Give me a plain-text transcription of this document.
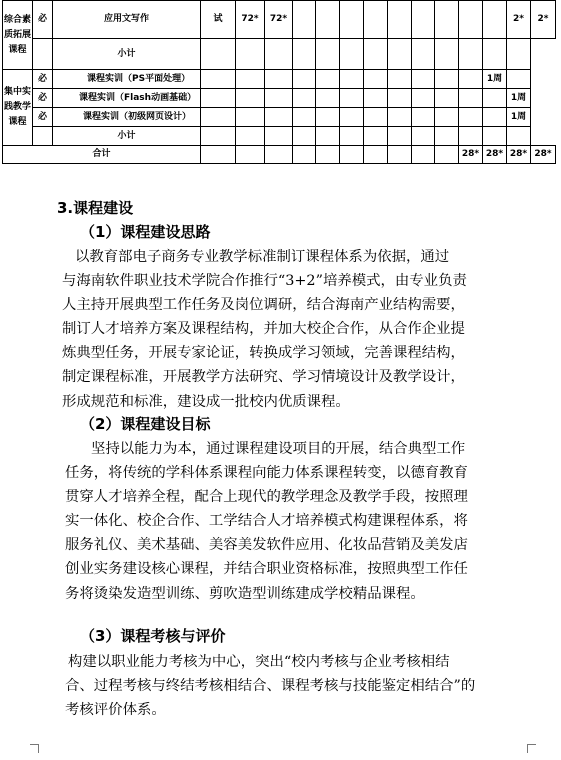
综合素质拓展课程	必	应用文写作	试	72*	72*										2*	2*
		小计														
集中实践教学课程	必	课程实训（PS平面处理）												1周		
	必	课程实训（Flash动画基础）													1周	
	必	课程实训（初级网页设计）													1周	
		小计														
合计													28*	28*	28*	28*
3.课程建设
（1）课程建设思路
以教育部电子商务专业教学标准制订课程体系为依据，通过
与海南软件职业技术学院合作推行“3+2”培养模式，由专业负责
人主持开展典型工作任务及岗位调研，结合海南产业结构需要，
制订人才培养方案及课程结构，并加大校企合作，从合作企业提
炼典型任务，开展专家论证，转换成学习领域，完善课程结构，
制定课程标准，开展教学方法研究、学习情境设计及教学设计，
形成规范和标准，建设成一批校内优质课程。
（2）课程建设目标
坚持以能力为本，通过课程建设项目的开展，结合典型工作
任务，将传统的学科体系课程向能力体系课程转变，以德育教育
贯穿人才培养全程，配合上现代的教学理念及教学手段，按照理
实一体化、校企合作、工学结合人才培养模式构建课程体系，将
服务礼仪、美术基础、美容美发软件应用、化妆品营销及美发店
创业实务建设核心课程，并结合职业资格标准，按照典型工作任
务将烫染发造型训练、剪吹造型训练建成学校精品课程。
（3）课程考核与评价
构建以职业能力考核为中心，突出“校内考核与企业考核相结
合、过程考核与终结考核相结合、课程考核与技能鉴定相结合”的
考核评价体系。
